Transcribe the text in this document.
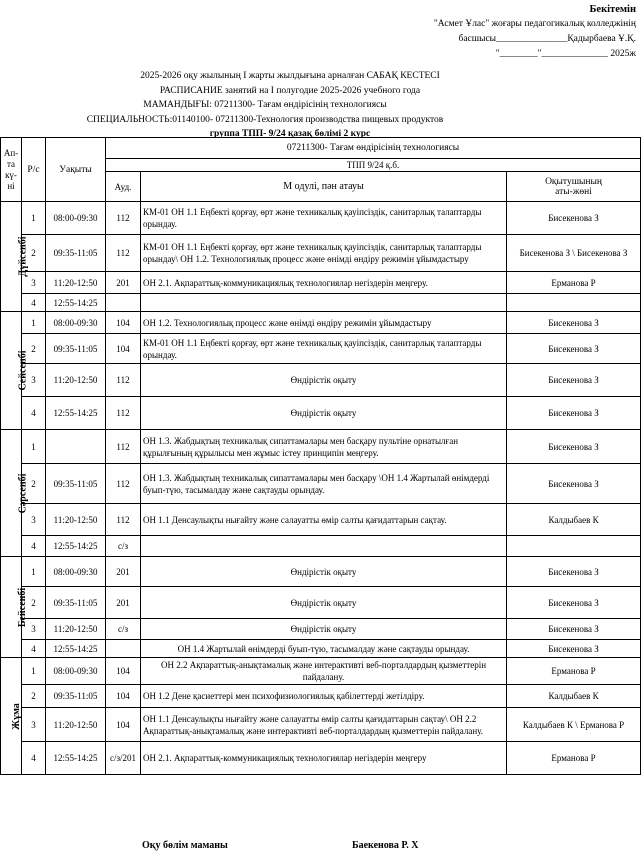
Бекітемін
"Асмет Ұлас" жоғары педагогикалық колледжінің
басшысы_______________Қадырбаева Ұ.Қ.
"________"______________ 2025ж
2025-2026 оқу жылының I жарты жылдығына арналған САБАҚ КЕСТЕСІ
РАСПИСАНИЕ занятий на I полугодие 2025-2026 учебного года
МАМАНДЫҒЫ: 07211300- Тағам өндірісінің технологиясы
СПЕЦИАЛЬНОСТЬ:01140100- 07211300-Технология производства пищевых продуктов
группа ТПП- 9/24 қазақ бөлімі 2 курс
Ап-
та
кү-
ні	Р/с	Уақыты	07211300- Тағам өндірісінің технологиясы		
			ТПП 9/24 қ.б.		
			Ауд.	М одулі, пән атауы	Оқытушының
аты-жөні
Дүйсенбі	1	08:00-09:30	112	КМ-01 ОН 1.1 Еңбекті қорғау, өрт және техникалық қауіпсіздік, санитарлық талаптарды орындау.	Бисекенова З
	2	09:35-11:05	112	КМ-01 ОН 1.1 Еңбекті қорғау, өрт және техникалық қауіпсіздік, санитарлық талаптарды орындау\ ОН 1.2. Технологиялық процесс және өнімді өндіру режимін ұйымдастыру	Бисекенова З \ Бисекенова З
	3	11:20-12:50	201	ОН 2.1. Ақпараттық-коммуникациялық технологиялар негіздерін меңгеру.	Ерманова Р
	4	12:55-14:25			
Сейсенбі	1	08:00-09:30	104	ОН 1.2. Технологиялық процесс және өнімді өндіру режимін ұйымдастыру	Бисекенова З
	2	09:35-11:05	104	КМ-01 ОН 1.1 Еңбекті қорғау, өрт және техникалық қауіпсіздік, санитарлық талаптарды орындау.	Бисекенова З
	3	11:20-12:50	112	Өндірістік оқыту	Бисекенова З
	4	12:55-14:25	112	Өндірістік оқыту	Бисекенова З
Сәрсенбі	1		112	ОН 1.3. Жабдықтың техникалық сипаттамалары мен басқару пультіне орнатылған құрылғының құрылысы мен жұмыс істеу принципін меңгеру.	Бисекенова З
	2	09:35-11:05	112	ОН 1.3. Жабдықтың техникалық сипаттамалары мен басқару \ОН 1.4 Жартылай өнімдерді буып-түю, тасымалдау және сақтауды орындау.	Бисекенова З
	3	11:20-12:50	112	ОН 1.1 Денсаулықты нығайту және салауатты өмір салты қағидаттарын сақтау.	Калдыбаев К
	4	12:55-14:25	с/з		
Бейсенбі	1	08:00-09:30	201	Өндірістік оқыту	Бисекенова З
	2	09:35-11:05	201	Өндірістік оқыту	Бисекенова З
	3	11:20-12:50	с/з	Өндірістік оқыту	Бисекенова З
	4	12:55-14:25		ОН 1.4 Жартылай өнімдерді буып-түю, тасымалдау және сақтауды орындау.	Бисекенова З
Жұма	1	08:00-09:30	104	ОН 2.2 Ақпараттық-анықтамалық және интерактивті веб-порталдардың қызметтерін пайдалану.	Ерманова Р
	2	09:35-11:05	104	ОН 1.2 Дене қасиеттері мен психофизиологиялық қабілеттерді жетілдіру.	Калдыбаев К
	3	11:20-12:50	104	ОН 1.1 Денсаулықты нығайту және салауатты өмір салты қағидаттарын сақтау\ ОН 2.2 Ақпараттық-анықтамалық және интерактивті веб-порталдардың қызметтерін пайдалану.	Калдыбаев К \ Ерманова Р
	4	12:55-14:25	с/з/201	ОН 2.1. Ақпараттық-коммуникациялық технологиялар негіздерін меңгеру	Ерманова Р
Оқу бөлім маманы	Баекенова Р. Х
